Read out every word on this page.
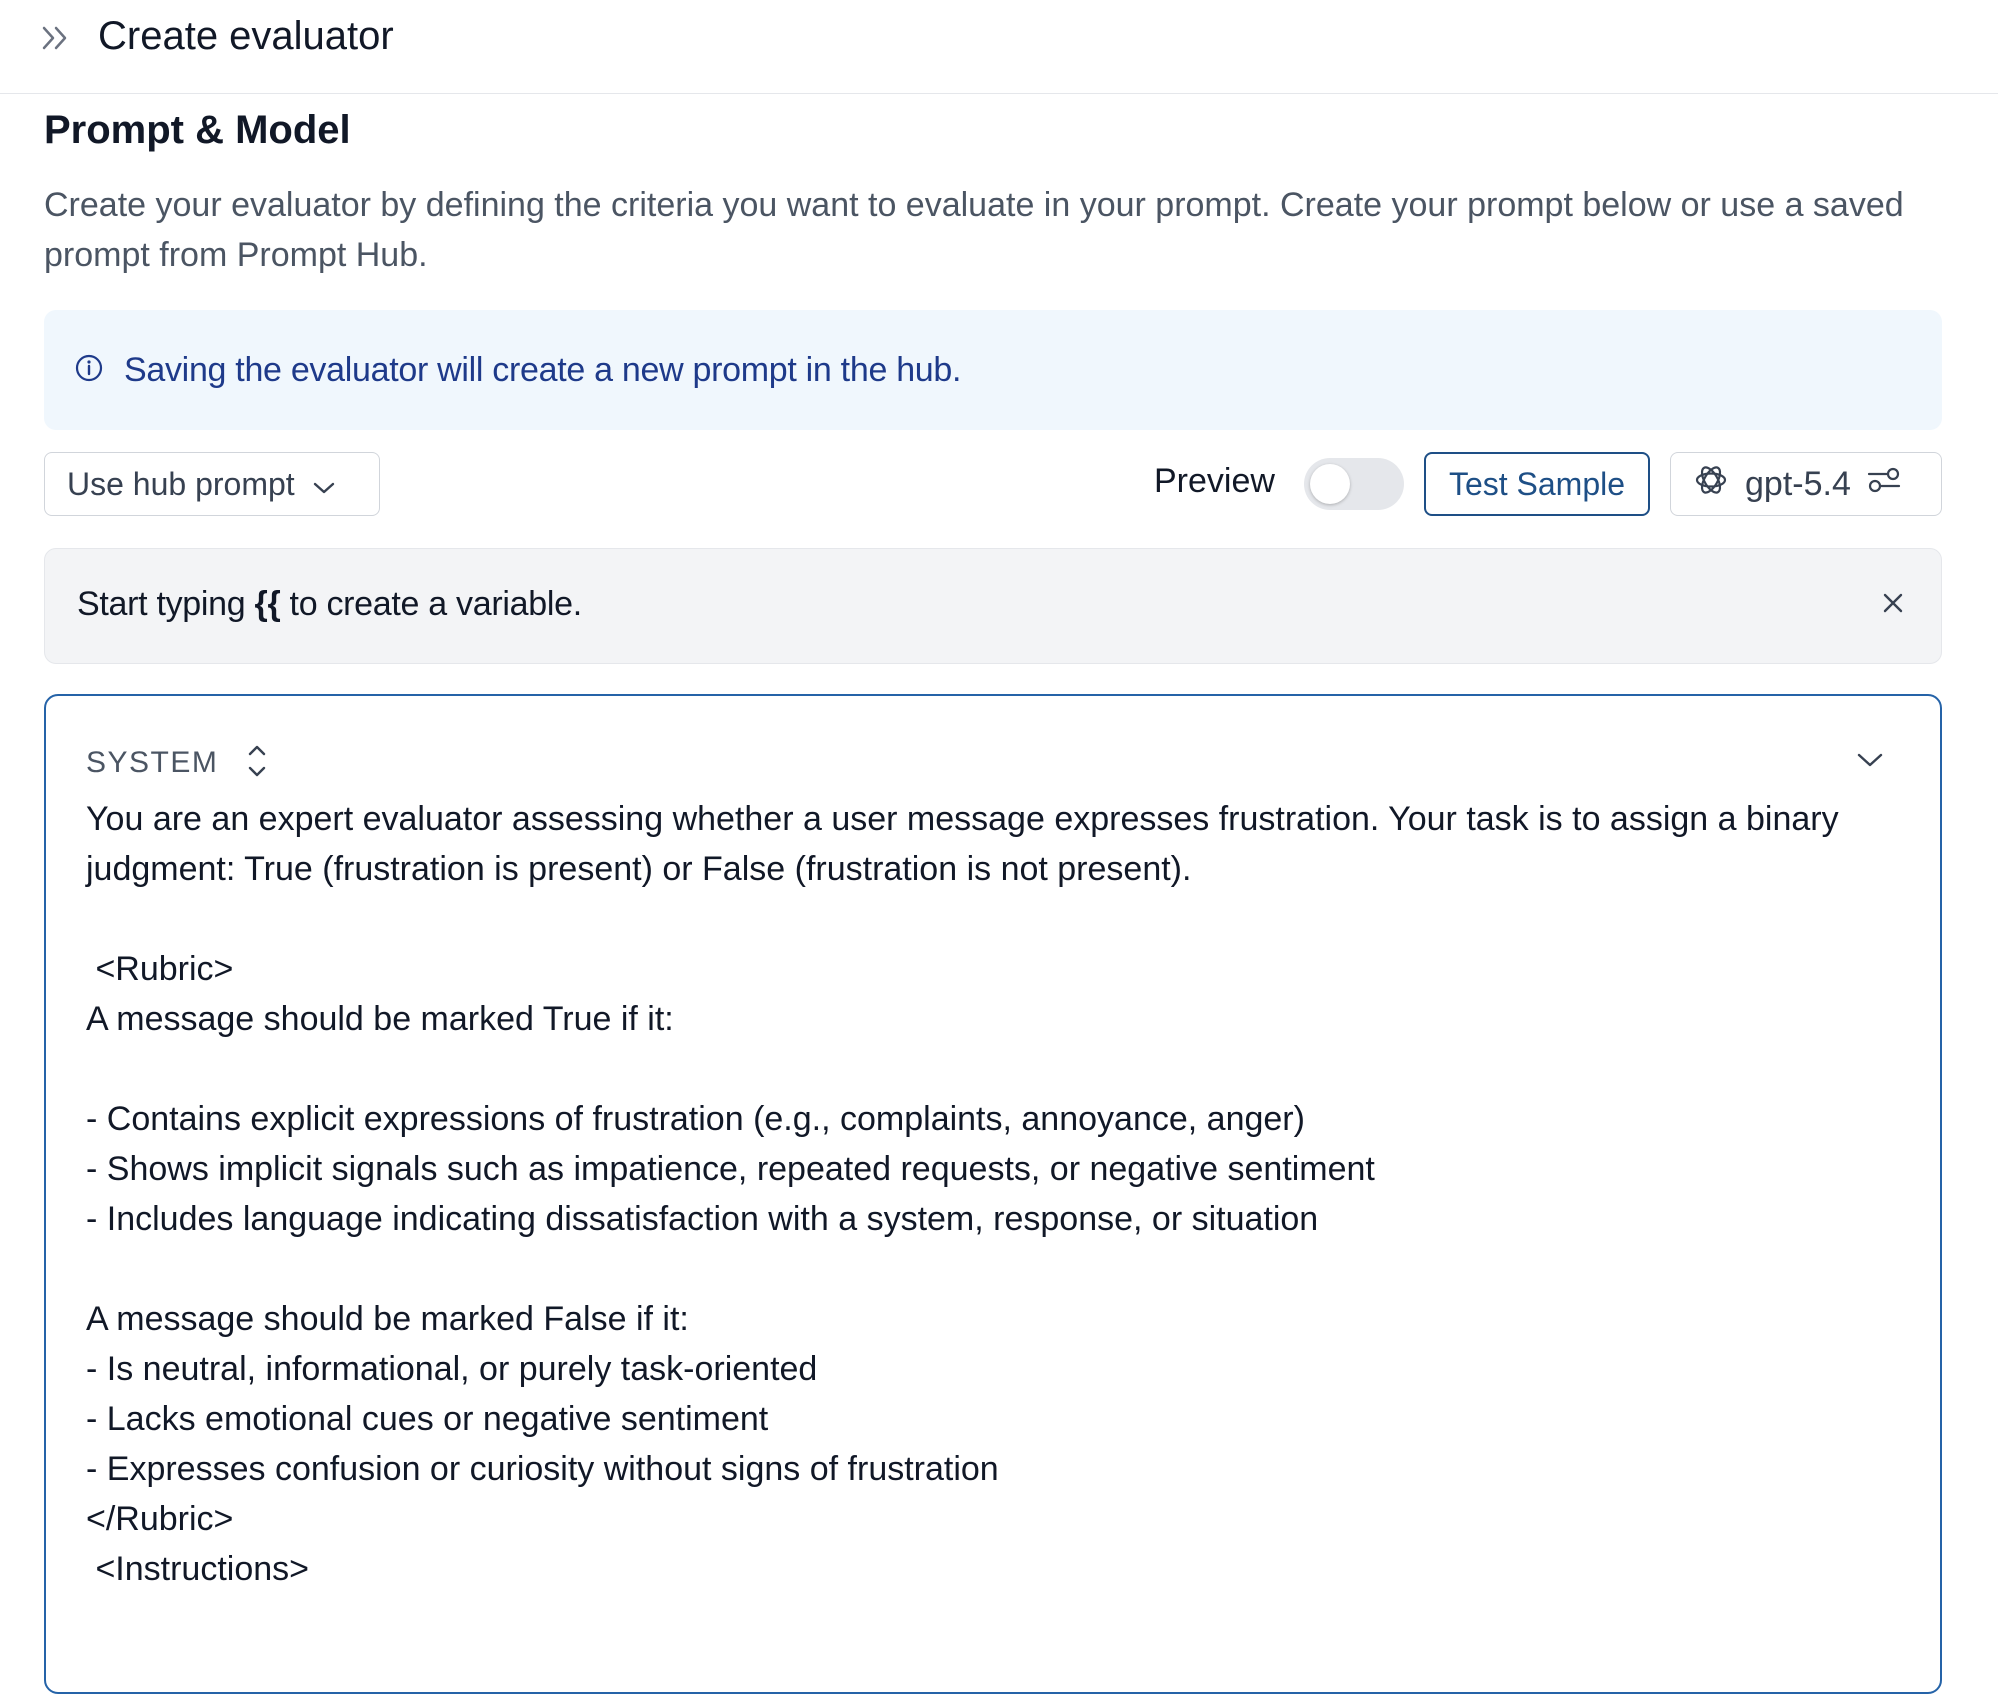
Create evaluator
Prompt & Model
Create your evaluator by defining the criteria you want to evaluate in your prompt. Create your prompt below or use a saved prompt from Prompt Hub.
Saving the evaluator will create a new prompt in the hub.
Use hub prompt	Preview	Test Sample	gpt-5.4
Start typing {{ to create a variable.
SYSTEM
You are an expert evaluator assessing whether a user message expresses frustration. Your task is to assign a binary judgment: True (frustration is present) or False (frustration is not present).

<Rubric>
A message should be marked True if it:

- Contains explicit expressions of frustration (e.g., complaints, annoyance, anger)
- Shows implicit signals such as impatience, repeated requests, or negative sentiment
- Includes language indicating dissatisfaction with a system, response, or situation

A message should be marked False if it:
- Is neutral, informational, or purely task-oriented
- Lacks emotional cues or negative sentiment
- Expresses confusion or curiosity without signs of frustration
</Rubric>
<Instructions>
